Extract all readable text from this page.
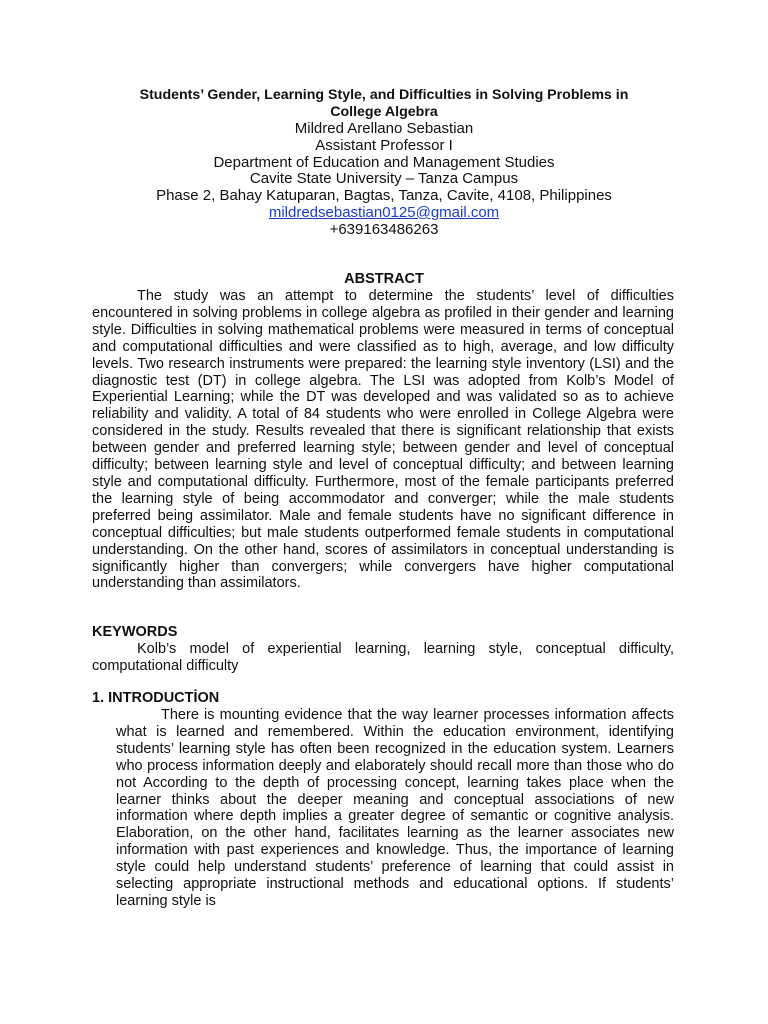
Students’ Gender, Learning Style, and Difficulties in Solving Problems in
College Algebra
Mildred Arellano Sebastian
Assistant Professor I
Department of Education and Management Studies
Cavite State University – Tanza Campus
Phase 2, Bahay Katuparan, Bagtas, Tanza, Cavite, 4108, Philippines
mildredsebastian0125@gmail.com
+639163486263
ABSTRACT

The study was an attempt to determine the students’ level of difficulties encountered in solving problems in college algebra as profiled in their gender and learning style. Difficulties in solving mathematical problems were measured in terms of conceptual and computational difficulties and were classified as to high, average, and low difficulty levels. Two research instruments were prepared: the learning style inventory (LSI) and the diagnostic test (DT) in college algebra. The LSI was adopted from Kolb’s Model of Experiential Learning; while the DT was developed and was validated so as to achieve reliability and validity. A total of 84 students who were enrolled in College Algebra were considered in the study. Results revealed that there is significant relationship that exists between gender and preferred learning style; between gender and level of conceptual difficulty; between learning style and level of conceptual difficulty; and between learning style and computational difficulty. Furthermore, most of the female participants preferred the learning style of being accommodator and converger; while the male students preferred being assimilator. Male and female students have no significant difference in conceptual difficulties; but male students outperformed female students in computational understanding. On the other hand, scores of assimilators in conceptual understanding is significantly higher than convergers; while convergers have higher computational understanding than assimilators.

KEYWORDS

Kolb’s model of experiential learning, learning style, conceptual difficulty, computational difficulty

1. INTRODUCTİON

There is mounting evidence that the way learner processes information affects what is learned and remembered. Within the education environment, identifying students’ learning style has often been recognized in the education system. Learners who process information deeply and elaborately should recall more than those who do not According to the depth of processing concept, learning takes place when the learner thinks about the deeper meaning and conceptual associations of new information where depth implies a greater degree of semantic or cognitive analysis. Elaboration, on the other hand, facilitates learning as the learner associates new information with past experiences and knowledge. Thus, the importance of learning style could help understand students’ preference of learning that could assist in selecting appropriate instructional methods and educational options. If students’ learning style is
